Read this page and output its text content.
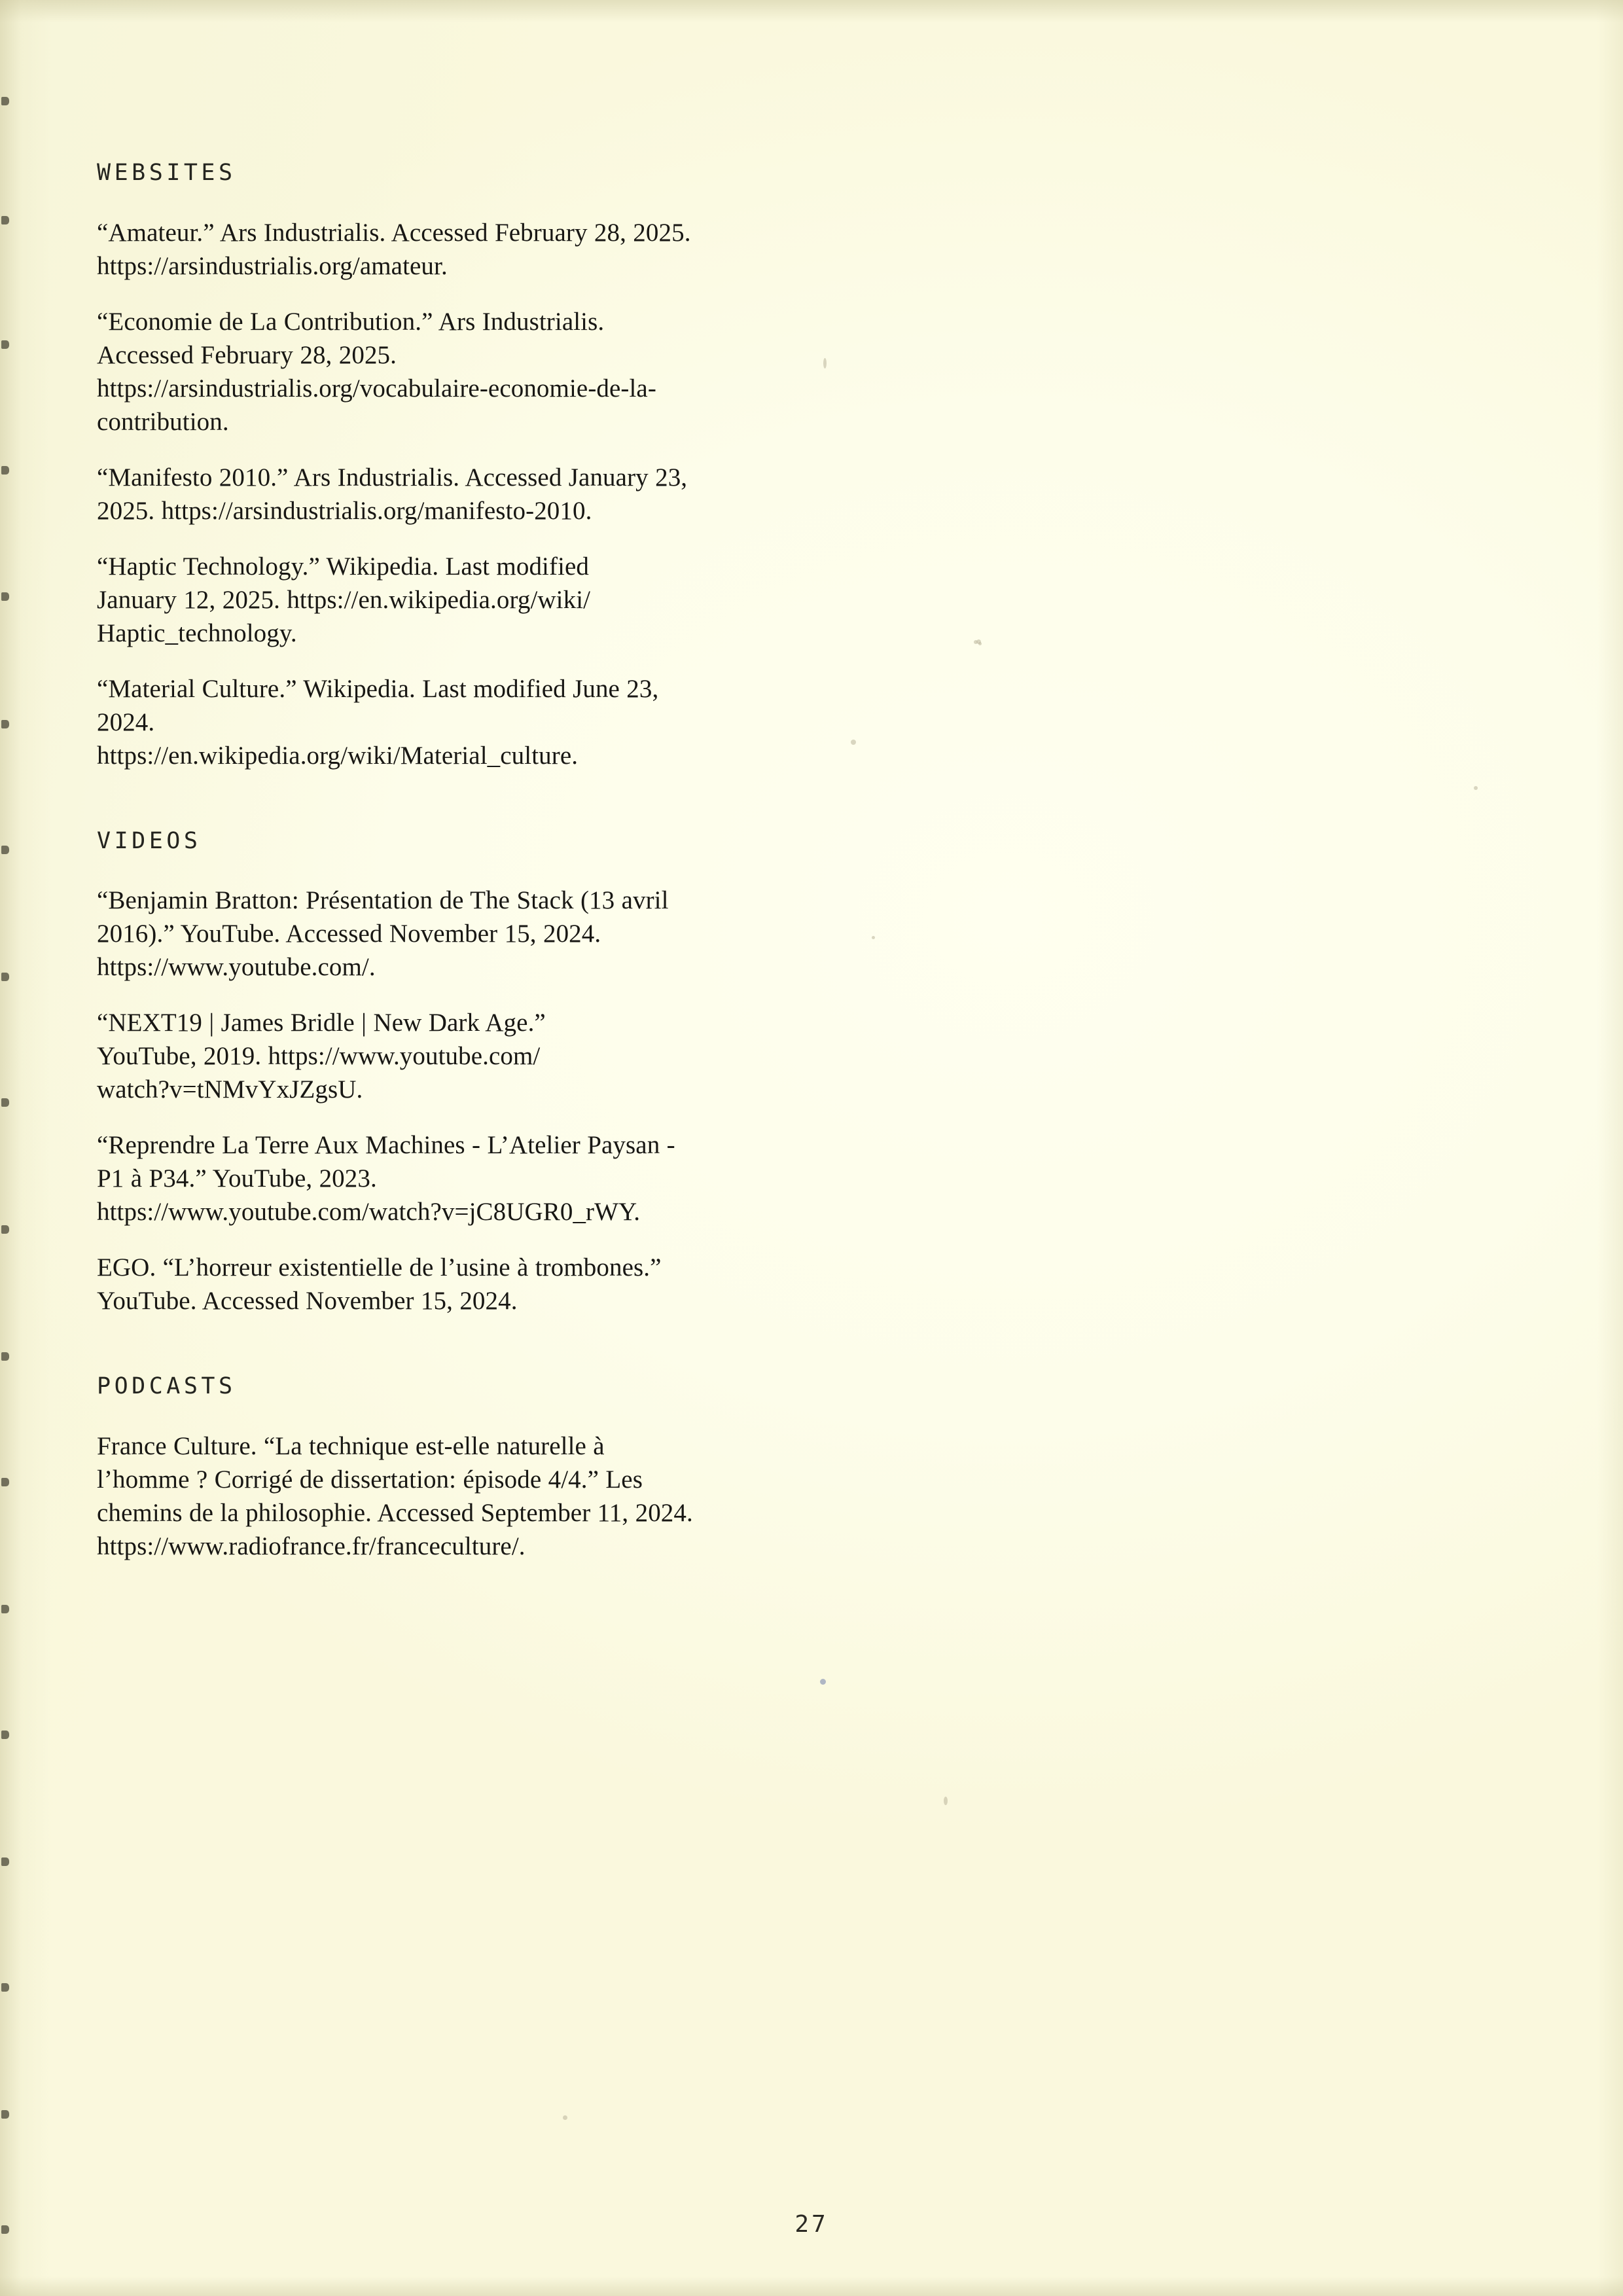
WEBSITES
“Amateur.” Ars Industrialis. Accessed February 28, 2025.
https://arsindustrialis.org/amateur.
“Economie de La Contribution.” Ars Industrialis.
Accessed February 28, 2025.
https://arsindustrialis.org/vocabulaire-economie-de-la-
contribution.
“Manifesto 2010.” Ars Industrialis. Accessed January 23,
2025. https://arsindustrialis.org/manifesto-2010.
“Haptic Technology.” Wikipedia. Last modified
January 12, 2025. https://en.wikipedia.org/wiki/
Haptic_technology.
“Material Culture.” Wikipedia. Last modified June 23,
2024.
https://en.wikipedia.org/wiki/Material_culture.
VIDEOS
“Benjamin Bratton: Présentation de The Stack (13 avril
2016).” YouTube. Accessed November 15, 2024.
https://www.youtube.com/.
“NEXT19 | James Bridle | New Dark Age.”
YouTube, 2019. https://www.youtube.com/
watch?v=tNMvYxJZgsU.
“Reprendre La Terre Aux Machines - L’Atelier Paysan -
P1 à P34.” YouTube, 2023.
https://www.youtube.com/watch?v=jC8UGR0_rWY.
EGO. “L’horreur existentielle de l’usine à trombones.”
YouTube. Accessed November 15, 2024.
PODCASTS
France Culture. “La technique est-elle naturelle à
l’homme ? Corrigé de dissertation: épisode 4/4.” Les
chemins de la philosophie. Accessed September 11, 2024.
https://www.radiofrance.fr/franceculture/.
27
